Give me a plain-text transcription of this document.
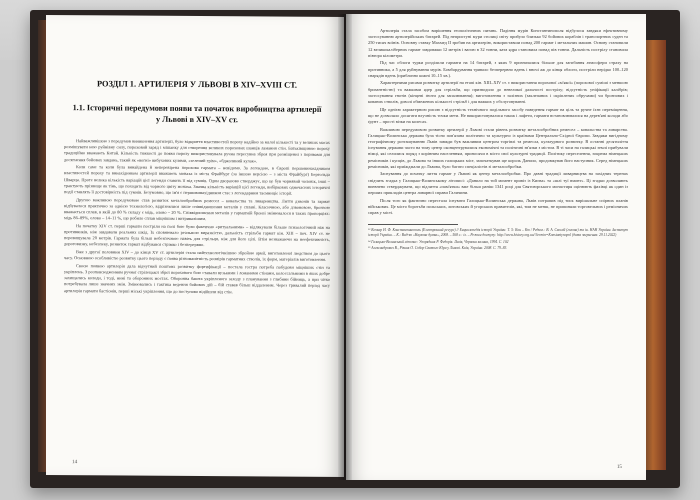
РОЗДІЛ 1. АРТИЛЕРІЯ У ЛЬВОВІ В XIV–XVIII СТ.
1.1. Історичні передумови появи та початок виробництва артилерії у Львові в XIV–XV ст.

Найважливішою з передумов виникнення артилерії, було відкриття властивостей пороху надійно за малої кількості та у великих масах розмішувати нею руйнівну силу, пороховий заряд і мішанку для створення великих порохових шанців ламання стін. Батьківщиною пороху традиційно вважають Китай. Кількість тяжкості до появи пороху використовувала ручна пересувна зброя при розміщенні з поривами для досягнення бойових завдань, такий як «вогні» вибухових кулями, «зелений грім», «бджолиний кулак».

Коли саме та коли була винайдена й неперевірена порохова гармата – невідомо. За легендою, в Європі першовинахідником властивостей пороху та винахідником артилерії вважають монаха із міста Фрайбург (за іншою версією – з міста Фрайбург) Бертольда Шварца. Проте велика кількість варіацій цієї легенди ставить її під сумнів. Один дворазово стверджує, що це був чорнявий чоловік, інші – трактують прізвище як тінь, що походить від чорного цвіту монаха. Значна кількість варіацій цієї легенди, вибіркових одночасних історичні події ставлять її достовірність під сумнів. Безумовно, що ім'я є першовинахідником стає з легендарним таємниціє історії.

Другою важливою передумовою став розвиток металообробних ремесел – ковальства та ливарництва. Лиття дзвонів та гармат відбувалося практично за однією технологією, відрізнялися лише співвідношення металів у сплаві. Класичною, або дзвоновою, бронзою вважається сплав, в якій до 80 % складу є мідь, олово – 20 %. Співвідношення металів у гарматній бронзі змінювалося в таких пропорціях: мідь 86–89%, олово – 14–11 %, що робило сплав міцнішим і витривалішим.

На початку XIV ст. перші гармати постріли на полі бою були фактично «ритуальними» – відлякували більше психологічний ніж на противників, ніж завдавали реальних шкід. Їх сповнювало реальною виразністю, дальність стрільби гармат кін. XIII – поч. XIV ст. не перевищувала 20 метрів. Гармата була більш небезпечною навіть для стрільця, ніж для його цілі. Втім незважаючи на неефективність, дороговизну, небезпеку, розвиток гармат відбувався стрімко і безперервно.

Вже з другої половини XIV – до кінця XV ст. артилерія стала найтехнологічнішою збройою армії, виготовленої людством до цього часу. Основною особливістю розвитку цього періоду є поява різноманітність розмірів гарматних стволів, їх форм, матеріалів виготовлення.

Своєю появою артилерія дала відчутний поштовх розвитку фортифікації – постала гостра потреба побудови міцніших стін та укріплень. З розповсюдженням ручної стрілецької зброї порохового бою ставали вузькими і ломаними стінами, колоссальними в яких добре захищались колоди, і тоді, нині та оборонних мостах. Оборонна башта укріпленого заходу з планування з глибини бійниць, а при чітко потребувала лише значних змін. Змінювались і тактика ведення бойових дій – бій ставав більш віддаленим. Через тривалий період часу артилерія гармати бастіонів, перші міські укріплення, що до поступово відійшли від стін.

14

Артилерія стала засобом вирішення геополітичних питань. Падіння мурів Константинополя відбулося завдяки ефективному застосуванню артилерійських батарей. Під непристуні мури столиці світу прибуло близько 92 бойових кораблів і транспортних суден та 250 тисяч воїнів. Основну ставку Махмед II зробив на артилерію, використавши понад 200 гармат і метальних машин. Основу становили 12 великокаліберних гармат завдовжки 12 метрів і вагою в 32 тонни, ката ядра становила понад пів тонни. Дальність пострілу становила півтора кілометри.

Під час облоги турки розділили гармати на 14 батарей, з яких 9 призначалися більше для загибання атмосфери страху на противника, а 5 для руйнування мурів. Бомбардування тривало безперервно вдень і вночі аж до кінця облоги, постріли нерідко 100–120 снарядів вдень (приблизно кожні 10–15 хв.).

Характерними рисами розвитку артилерії на етапі кін. XIII–XIV ст. є використання порохової «м'якої» (порохової суміші з меншою бризантністю) та важкими ядер для стрільби, що призводило до невеликої дальності пострілу; відсутність уніфікації калібрів; застосування гнотів (кінцеві ґноти для запалювання); виготовлення з залізних (заклепаних і скріплених обручами) чи бронзових і кованих стволів, доволі обмежених кількості стрільб і для важких у обслуговуванні.

Ще однією характерною рисою є відсутність технічного подільного засобу наведення гармат на ціль та ручне їхнє переміщення, що не дозволяло досягати влучність точки мети. Не використовувалися також і лафети, гармати встановлювалися на дерев'яні колоди або ґрунт – прості візки на колесах.

Важливою передумовою розвитку артилерії у Львові стали рівень розвитку металообробних ремесел – ковальства та ливарства. Галицько-Волинська держава була тісно пов'язана політично та культурно із країнами Центрально-Східної Європи. Завдяки вигідному географічному розташуванню Львів завжди був важливим центром торгівлі та ремесла, культурного розвитку. В останні десятиліття існування держави часто на тому центр сконцентрувалися економічні та політичні зв'язки з містом. В ті часи на галицькі землі прибували німці, які селилися поряд з корінним населенням, приносячи в місто свої культурні традиції. Політику переселення, зокрема німецьких ремісників і купців, до Львова та інших галицьких міст, започаткував ще король Данило, продовжував його наступник. Серед німецьких ремісників, які приїжджали до Львова, було багато спеціалістів зі металообробки.

Заснування до початку лиття гармат у Львові як центр металообробки. Про давні традиції ливарництва на західних теренах свідчить згадка у Галицько-Волинському літописі: «Данило на той момент привіз із Києва» та «шлі туї вмонт». Ці згадки дозволяють впевнено стверджувати, що відлиття «пам'ятки» вже більш раніш 1341 році для Святоюрського монастиря оцінюють фахівці як один із перших прикладів центра ливарної справи Галичини.

Після того як фактично перестала існувати Галицько-Волинська держава, Львів потрапив під тиск вирішальне спірних планів військових. Це місто боротьби польських, литовських й угорських правителів, які, тим не менш, не припиняли торговельних і ремісничих справ у місті.

¹³ Кочкар Н. Ф. Константинополь (Електронний ресурс) // Енциклопедія історії України: Т. 5: Кон – Кю / Редкол.: В. А. Смолій (голова) та ін. НАН України. Інститут історії України. – К.: Вид-во «Наукова думка», 2008. – 568 с.: іл. – Режим доступу: http://www.history.org.ua/?termin=Konstantynopol (дата звернення: 29.11.2022)

¹⁴ Галицько-Волинський літопис: Упорядник Р. Федорів. Львів, Червона калина, 1994. С. 102

¹⁵ Александрович В., Різник О. Собор Святого Юра у Львові. Київ, Українa. 2008. С. 79–83.

15
